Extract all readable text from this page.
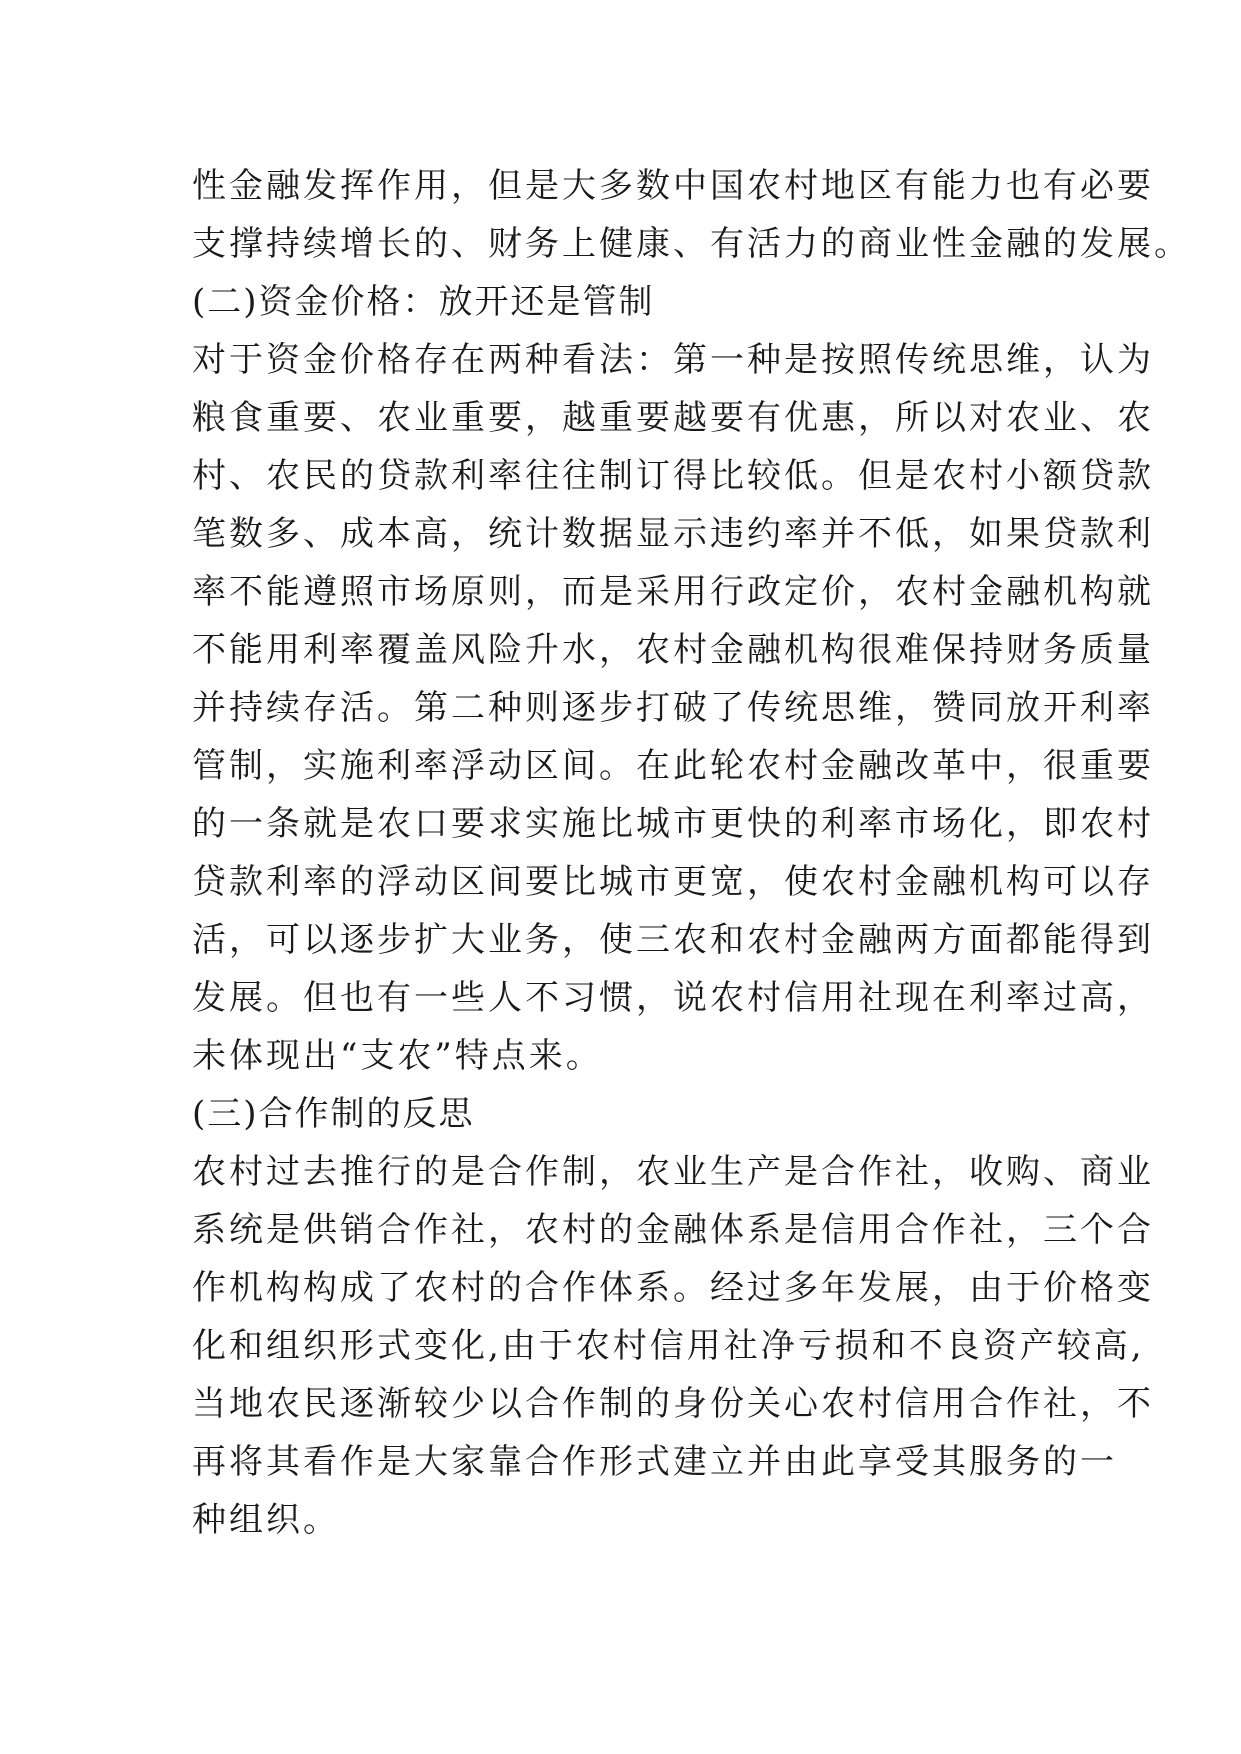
性金融发挥作用，但是大多数中国农村地区有能力也有必要
支撑持续增长的、财务上健康、有活力的商业性金融的发展。
(二)资金价格：放开还是管制
对于资金价格存在两种看法：第一种是按照传统思维，认为
粮食重要、农业重要，越重要越要有优惠，所以对农业、农
村、农民的贷款利率往往制订得比较低。但是农村小额贷款
笔数多、成本高，统计数据显示违约率并不低，如果贷款利
率不能遵照市场原则，而是采用行政定价，农村金融机构就
不能用利率覆盖风险升水，农村金融机构很难保持财务质量
并持续存活。第二种则逐步打破了传统思维，赞同放开利率
管制，实施利率浮动区间。在此轮农村金融改革中，很重要
的一条就是农口要求实施比城市更快的利率市场化，即农村
贷款利率的浮动区间要比城市更宽，使农村金融机构可以存
活，可以逐步扩大业务，使三农和农村金融两方面都能得到
发展。但也有一些人不习惯，说农村信用社现在利率过高，
未体现出“支农”特点来。
(三)合作制的反思
农村过去推行的是合作制，农业生产是合作社，收购、商业
系统是供销合作社，农村的金融体系是信用合作社，三个合
作机构构成了农村的合作体系。经过多年发展，由于价格变
化和组织形式变化,由于农村信用社净亏损和不良资产较高,
当地农民逐渐较少以合作制的身份关心农村信用合作社，不
再将其看作是大家靠合作形式建立并由此享受其服务的一
种组织。
